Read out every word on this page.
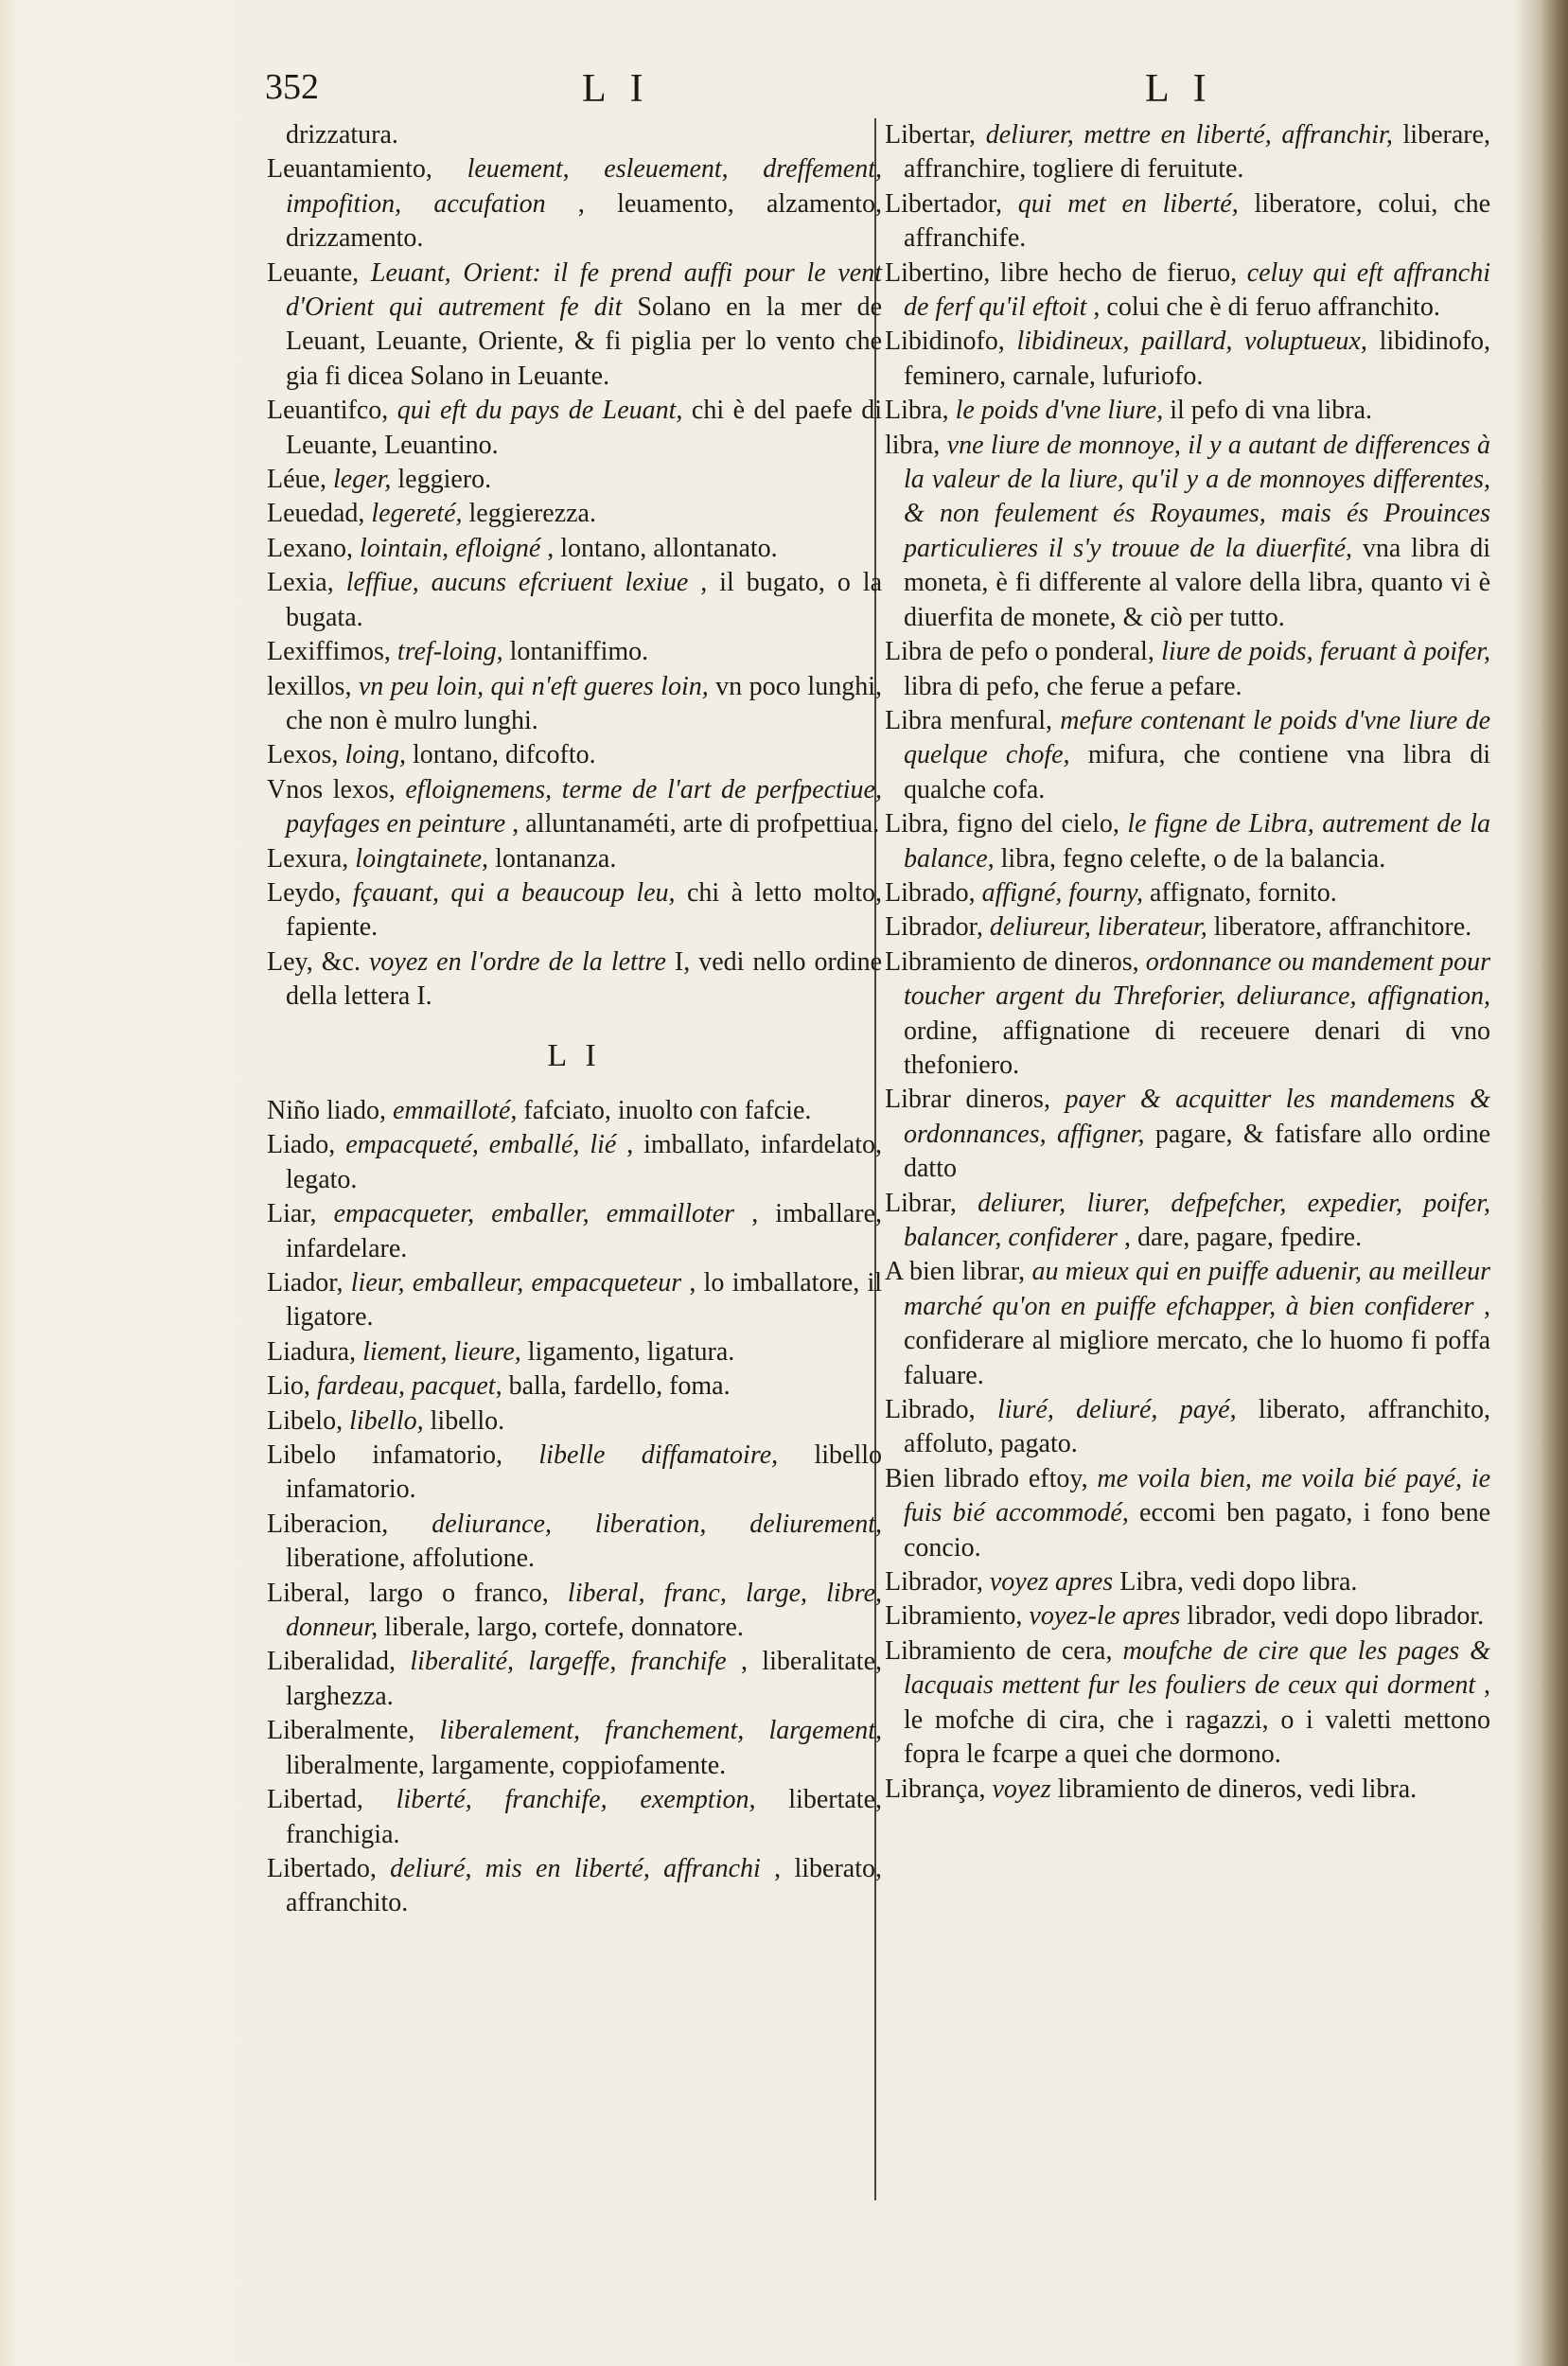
352	L I	L I

drizzatura.

Leuantamiento, leuement, esleuement, dreffement, impofition, accufation , leuamento, alzamento, drizzamento.

Leuante, Leuant, Orient: il fe prend auffi pour le vent d'Orient qui autrement fe dit Solano en la mer de Leuant, Leuante, Oriente, & fi piglia per lo vento che gia fi dicea Solano in Leuante.

Leuantifco, qui eft du pays de Leuant, chi è del paefe di Leuante, Leuantino.

Léue, leger, leggiero.

Leuedad, legereté, leggierezza.

Lexano, lointain, efloigné , lontano, allontanato.

Lexia, leffiue, aucuns efcriuent lexiue , il bugato, o la bugata.

Lexiffimos, tref-loing, lontaniffimo.

lexillos, vn peu loin, qui n'eft gueres loin, vn poco lunghi, che non è mulro lunghi.

Lexos, loing, lontano, difcofto.

Vnos lexos, efloignemens, terme de l'art de perfpectiue, payfages en peinture , alluntanaméti, arte di profpettiua.

Lexura, loingtainete, lontananza.

Leydo, fçauant, qui a beaucoup leu, chi à letto molto, fapiente.

Ley, &c. voyez en l'ordre de la lettre I, vedi nello ordine della lettera I.

L I

Niño liado, emmailloté, fafciato, inuolto con fafcie.

Liado, empacqueté, emballé, lié , imballato, infardelato, legato.

Liar, empacqueter, emballer, emmailloter , imballare, infardelare.

Liador, lieur, emballeur, empacqueteur , lo imballatore, il ligatore.

Liadura, liement, lieure, ligamento, ligatura.

Lio, fardeau, pacquet, balla, fardello, foma.

Libelo, libello, libello.

Libelo infamatorio, libelle diffamatoire, libello infamatorio.

Liberacion, deliurance, liberation, deliurement, liberatione, affolutione.

Liberal, largo o franco, liberal, franc, large, libre, donneur, liberale, largo, cortefe, donnatore.

Liberalidad, liberalité, largeffe, franchife , liberalitate, larghezza.

Liberalmente, liberalement, franchement, largement, liberalmente, largamente, coppiofamente.

Libertad, liberté, franchife, exemption, libertate, franchigia.

Libertado, deliuré, mis en liberté, affranchi , liberato, affranchito.

Libertar, deliurer, mettre en liberté, affranchir, liberare, affranchire, togliere di feruitute.

Libertador, qui met en liberté, liberatore, colui, che affranchife.

Libertino, libre hecho de fieruo, celuy qui eft affranchi de ferf qu'il eftoit , colui che è di feruo affranchito.

Libidinofo, libidineux, paillard, voluptueux, libidinofo, feminero, carnale, lufuriofo.

Libra, le poids d'vne liure, il pefo di vna libra.

libra, vne liure de monnoye, il y a autant de differences à la valeur de la liure, qu'il y a de monnoyes differentes, & non feulement és Royaumes, mais és Prouinces particulieres il s'y trouue de la diuerfité, vna libra di moneta, è fi differente al valore della libra, quanto vi è diuerfita de monete, & ciò per tutto.

Libra de pefo o ponderal, liure de poids, feruant à poifer, libra di pefo, che ferue a pefare.

Libra menfural, mefure contenant le poids d'vne liure de quelque chofe, mifura, che contiene vna libra di qualche cofa.

Libra, figno del cielo, le figne de Libra, autrement de la balance, libra, fegno celefte, o de la balancia.

Librado, affigné, fourny, affignato, fornito.

Librador, deliureur, liberateur, liberatore, affranchitore.

Libramiento de dineros, ordonnance ou mandement pour toucher argent du Threforier, deliurance, affignation, ordine, affignatione di receuere denari di vno thefoniero.

Librar dineros, payer & acquitter les mandemens & ordonnances, affigner, pagare, & fatisfare allo ordine datto

Librar, deliurer, liurer, defpefcher, expedier, poifer, balancer, confiderer , dare, pagare, fpedire.

A bien librar, au mieux qui en puiffe aduenir, au meilleur marché qu'on en puiffe efchapper, à bien confiderer , confiderare al migliore mercato, che lo huomo fi poffa faluare.

Librado, liuré, deliuré, payé, liberato, affranchito, affoluto, pagato.

Bien librado eftoy, me voila bien, me voila bié payé, ie fuis bié accommodé, eccomi ben pagato, i fono bene concio.

Librador, voyez apres Libra, vedi dopo libra.

Libramiento, voyez-le apres librador, vedi dopo librador.

Libramiento de cera, moufche de cire que les pages & lacquais mettent fur les fouliers de ceux qui dorment , le mofche di cira, che i ragazzi, o i valetti mettono fopra le fcarpe a quei che dormono.

Librança, voyez libramiento de dineros, vedi libra.
